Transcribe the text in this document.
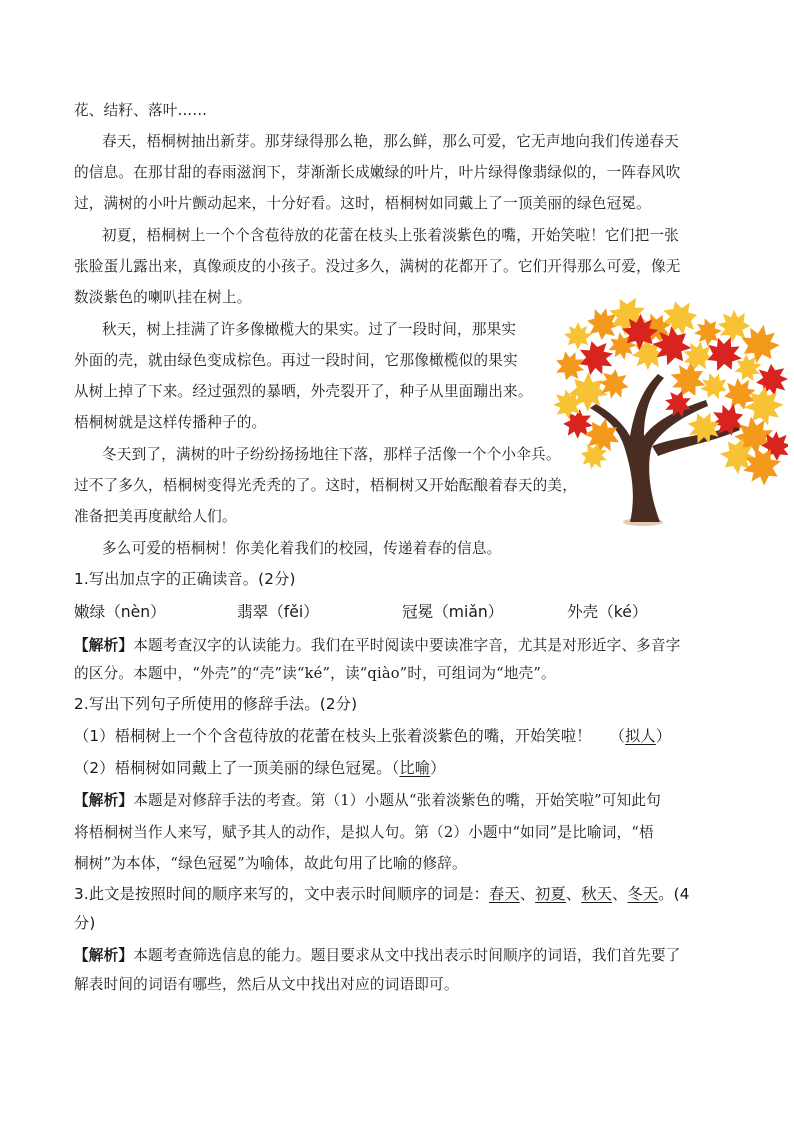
花、结籽、落叶……
春天，梧桐树抽出新芽。那芽绿得那么艳，那么鲜，那么可爱，它无声地向我们传递春天
的信息。在那甘甜的春雨滋润下，芽渐渐长成嫩绿的叶片，叶片绿得像翡绿似的，一阵春风吹
过，满树的小叶片颤动起来，十分好看。这时，梧桐树如同戴上了一顶美丽的绿色冠冕。
初夏，梧桐树上一个个含苞待放的花蕾在枝头上张着淡紫色的嘴，开始笑啦！它们把一张
张脸蛋儿露出来，真像顽皮的小孩子。没过多久，满树的花都开了。它们开得那么可爱，像无
数淡紫色的喇叭挂在树上。
秋天，树上挂满了许多像橄榄大的果实。过了一段时间，那果实
外面的壳，就由绿色变成棕色。再过一段时间，它那像橄榄似的果实
从树上掉了下来。经过强烈的暴晒，外壳裂开了，种子从里面蹦出来。
梧桐树就是这样传播种子的。
冬天到了，满树的叶子纷纷扬扬地往下落，那样子活像一个个小伞兵。
过不了多久，梧桐树变得光秃秃的了。这时，梧桐树又开始酝酿着春天的美，
准备把美再度献给人们。
多么可爱的梧桐树！你美化着我们的校园，传递着春的信息。
1.写出加点字的正确读音。(2分)
嫩绿（nèn）	翡翠（fěi）	冠冕（miǎn）	外壳（ké）
【解析】本题考查汉字的认读能力。我们在平时阅读中要读准字音，尤其是对形近字、多音字
的区分。本题中，“外壳”的“壳”读“ké”，读“qiào”时，可组词为“地壳”。
2.写出下列句子所使用的修辞手法。(2分)
（1）梧桐树上一个个含苞待放的花蕾在枝头上张着淡紫色的嘴，开始笑啦！ （拟人）
（2）梧桐树如同戴上了一顶美丽的绿色冠冕。（比喻）
【解析】本题是对修辞手法的考查。第（1）小题从“张着淡紫色的嘴，开始笑啦”可知此句
将梧桐树当作人来写，赋予其人的动作，是拟人句。第（2）小题中“如同”是比喻词，“梧
桐树”为本体，“绿色冠冕”为喻体，故此句用了比喻的修辞。
3.此文是按照时间的顺序来写的，文中表示时间顺序的词是：春天、初夏、秋天、冬天。(4
分)
【解析】本题考查筛选信息的能力。题目要求从文中找出表示时间顺序的词语，我们首先要了
解表时间的词语有哪些，然后从文中找出对应的词语即可。
